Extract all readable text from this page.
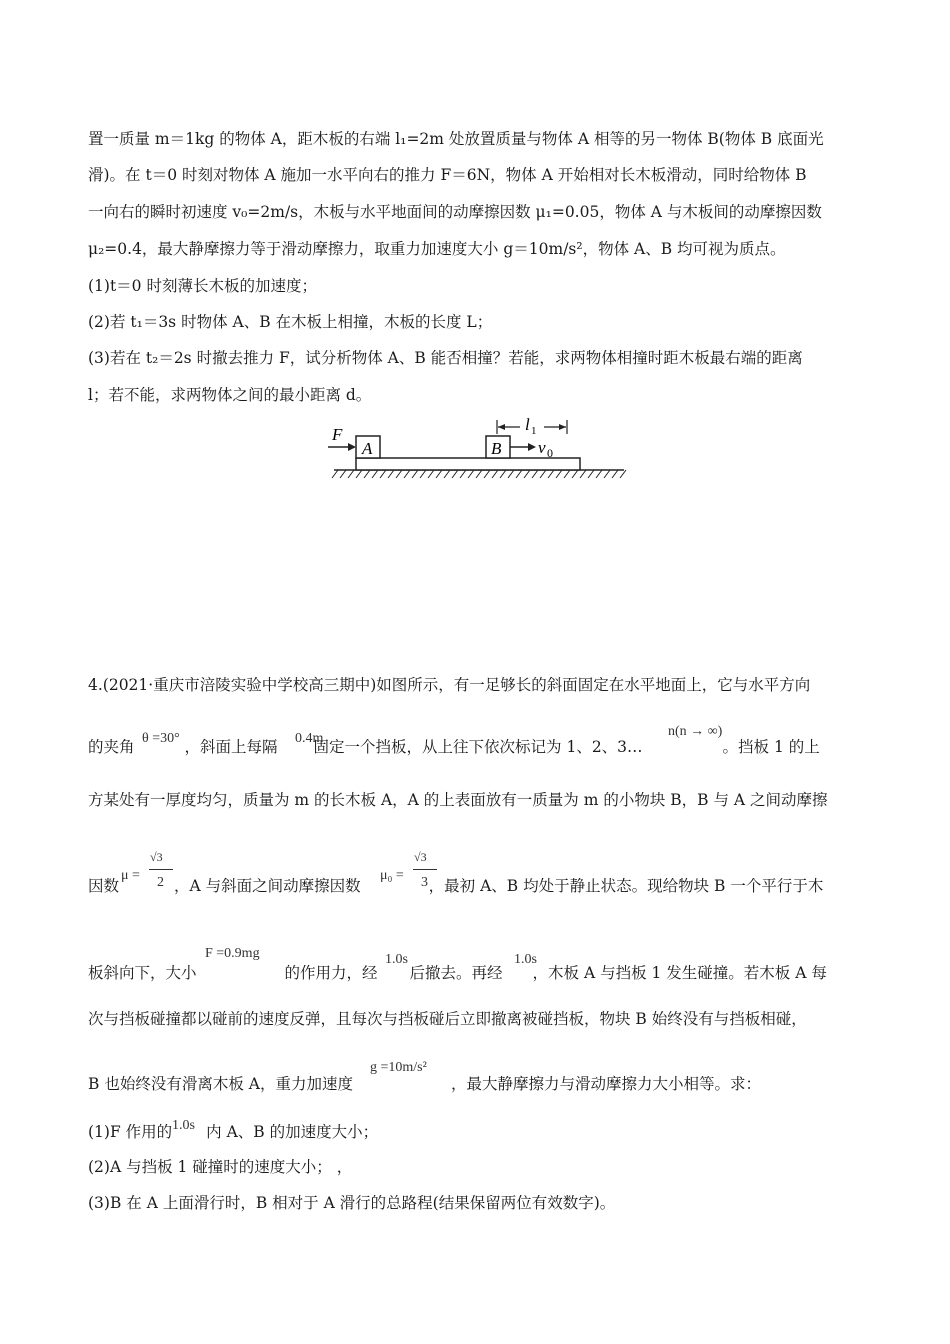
置一质量 m＝1kg 的物体 A，距木板的右端 l₁=2m 处放置质量与物体 A 相等的另一物体 B(物体 B 底面光
滑)。在 t＝0 时刻对物体 A 施加一水平向右的推力 F＝6N，物体 A 开始相对长木板滑动，同时给物体 B
一向右的瞬时初速度 v₀=2m/s，木板与水平地面间的动摩擦因数 μ₁=0.05，物体 A 与木板间的动摩擦因数
μ₂=0.4，最大静摩擦力等于滑动摩擦力，取重力加速度大小 g＝10m/s²，物体 A、B 均可视为质点。
(1)t＝0 时刻薄长木板的加速度；
(2)若 t₁＝3s 时物体 A、B 在木板上相撞，木板的长度 L；
(3)若在 t₂＝2s 时撤去推力 F，试分析物体 A、B 能否相撞？若能，求两物体相撞时距木板最右端的距离
l；若不能，求两物体之间的最小距离 d。
A
F
B v 0
l 1
4.(2021·重庆市涪陵实验中学校高三期中)如图所示，有一足够长的斜面固定在水平地面上，它与水平方向
的夹角	，斜面上每隔 固定一个挡板，从上往下依次标记为 1、2、3…	。挡板 1 的上
θ =30°	0.4m	n(n → ∞)
方某处有一厚度均匀，质量为 m 的长木板 A，A 的上表面放有一质量为 m 的小物块 B，B 与 A 之间动摩擦
因数	，A 与斜面之间动摩擦因数	，最初 A、B 均处于静止状态。现给物块 B 一个平行于木
μ =
√3
2	μ₀ =
√3
3
板斜向下，大小	的作用力，经 后撤去。再经 ，木板 A 与挡板 1 发生碰撞。若木板 A 每
F =0.9mg	1.0s	1.0s
次与挡板碰撞都以碰前的速度反弹，且每次与挡板碰后立即撤离被碰挡板，物块 B 始终没有与挡板相碰，
B 也始终没有滑离木板 A，重力加速度	，最大静摩擦力与滑动摩擦力大小相等。求：
g =10m/s²
(1)F 作用的 内 A、B 的加速度大小；
1.0s
(2)A 与挡板 1 碰撞时的速度大小； ，
(3)B 在 A 上面滑行时，B 相对于 A 滑行的总路程(结果保留两位有效数字)。
